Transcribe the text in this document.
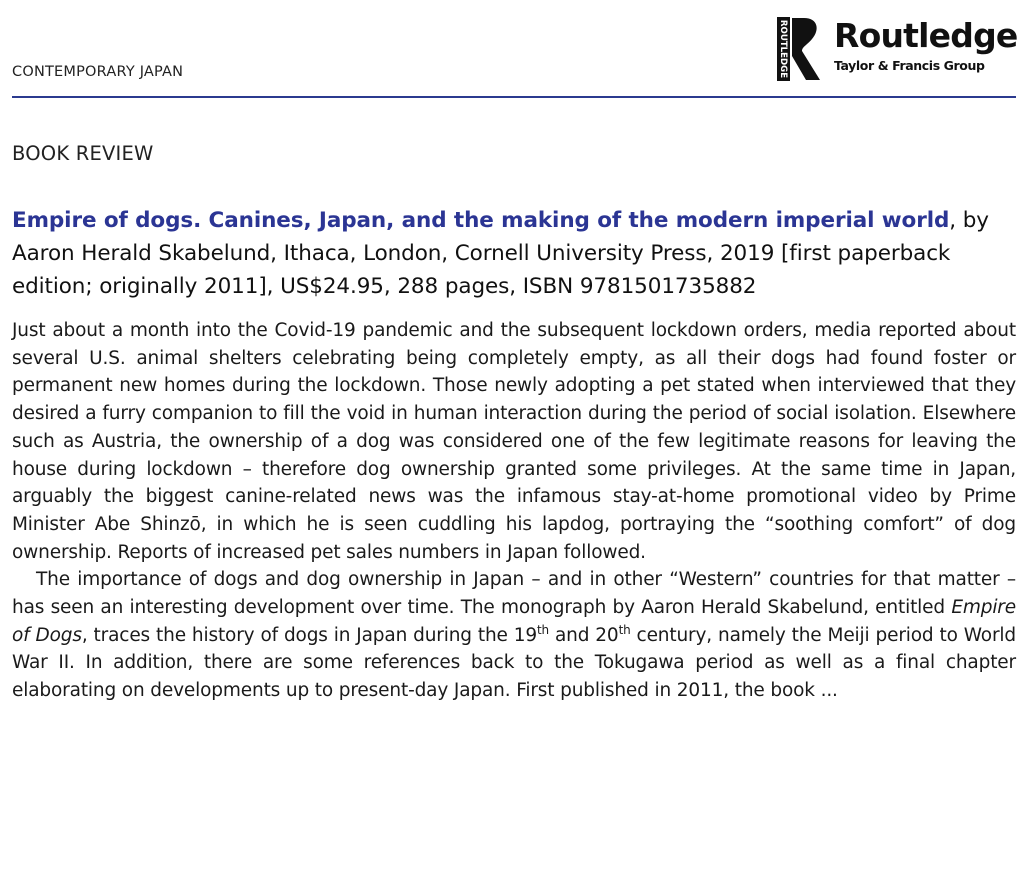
CONTEMPORARY JAPAN	ROUTLEDGE Routledge
Taylor & Francis Group
BOOK REVIEW
Empire of dogs. Canines, Japan, and the making of the modern imperial world, by Aaron Herald Skabelund, Ithaca, London, Cornell University Press, 2019 [first paperback edition; originally 2011], US$24.95, 288 pages, ISBN 9781501735882

Just about a month into the Covid-19 pandemic and the subsequent lockdown orders, media reported about several U.S. animal shelters celebrating being completely empty, as all their dogs had found foster or permanent new homes during the lockdown. Those newly adopting a pet stated when interviewed that they desired a furry companion to fill the void in human interaction during the period of social isolation. Elsewhere such as Austria, the ownership of a dog was considered one of the few legitimate reasons for leaving the house during lockdown – therefore dog ownership granted some privileges. At the same time in Japan, arguably the biggest canine-related news was the infamous stay-at-home promotional video by Prime Minister Abe Shinzō, in which he is seen cuddling his lapdog, portraying the “soothing comfort” of dog ownership. Reports of increased pet sales numbers in Japan followed.

The importance of dogs and dog ownership in Japan – and in other “Western” countries for that matter – has seen an interesting development over time. The monograph by Aaron Herald Skabelund, entitled Empire of Dogs, traces the history of dogs in Japan during the 19th and 20th century, namely the Meiji period to World War II. In addition, there are some references back to the Tokugawa period as well as a final chapter elaborating on developments up to present-day Japan. First published in 2011, the book ...
